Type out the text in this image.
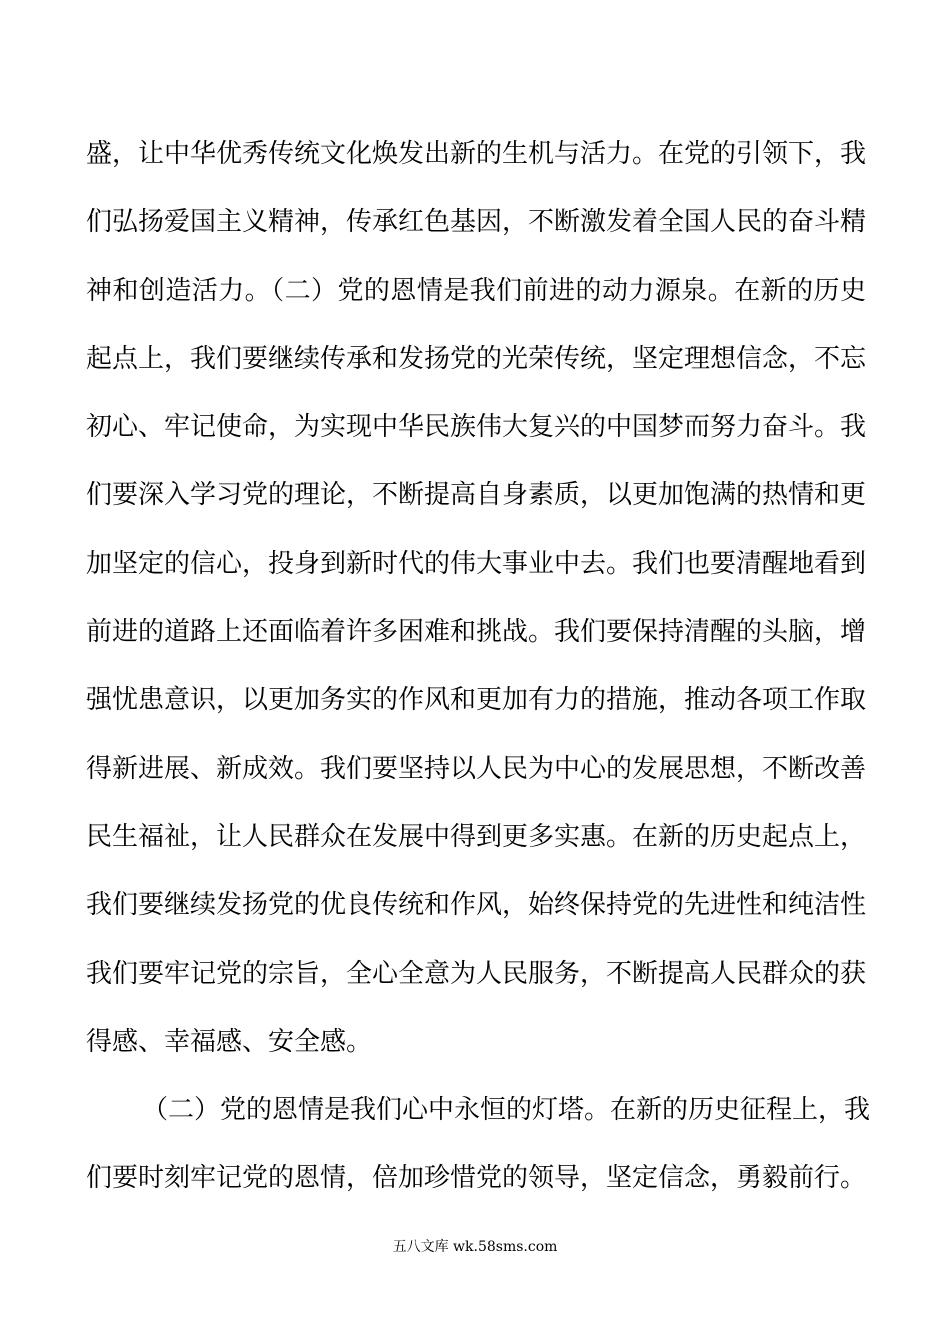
盛，让中华优秀传统文化焕发出新的生机与活力。在党的引领下，我
们弘扬爱国主义精神，传承红色基因，不断激发着全国人民的奋斗精
神和创造活力。（二）党的恩情是我们前进的动力源泉。在新的历史
起点上，我们要继续传承和发扬党的光荣传统，坚定理想信念，不忘
初心、牢记使命，为实现中华民族伟大复兴的中国梦而努力奋斗。我
们要深入学习党的理论，不断提高自身素质，以更加饱满的热情和更
加坚定的信心，投身到新时代的伟大事业中去。我们也要清醒地看到
前进的道路上还面临着许多困难和挑战。我们要保持清醒的头脑，增
强忧患意识，以更加务实的作风和更加有力的措施，推动各项工作取
得新进展、新成效。我们要坚持以人民为中心的发展思想，不断改善
民生福祉，让人民群众在发展中得到更多实惠。在新的历史起点上，
我们要继续发扬党的优良传统和作风，始终保持党的先进性和纯洁性
我们要牢记党的宗旨，全心全意为人民服务，不断提高人民群众的获
得感、幸福感、安全感。
（二）党的恩情是我们心中永恒的灯塔。在新的历史征程上，我
们要时刻牢记党的恩情，倍加珍惜党的领导，坚定信念，勇毅前行。
五八文库 wk.58sms.com
